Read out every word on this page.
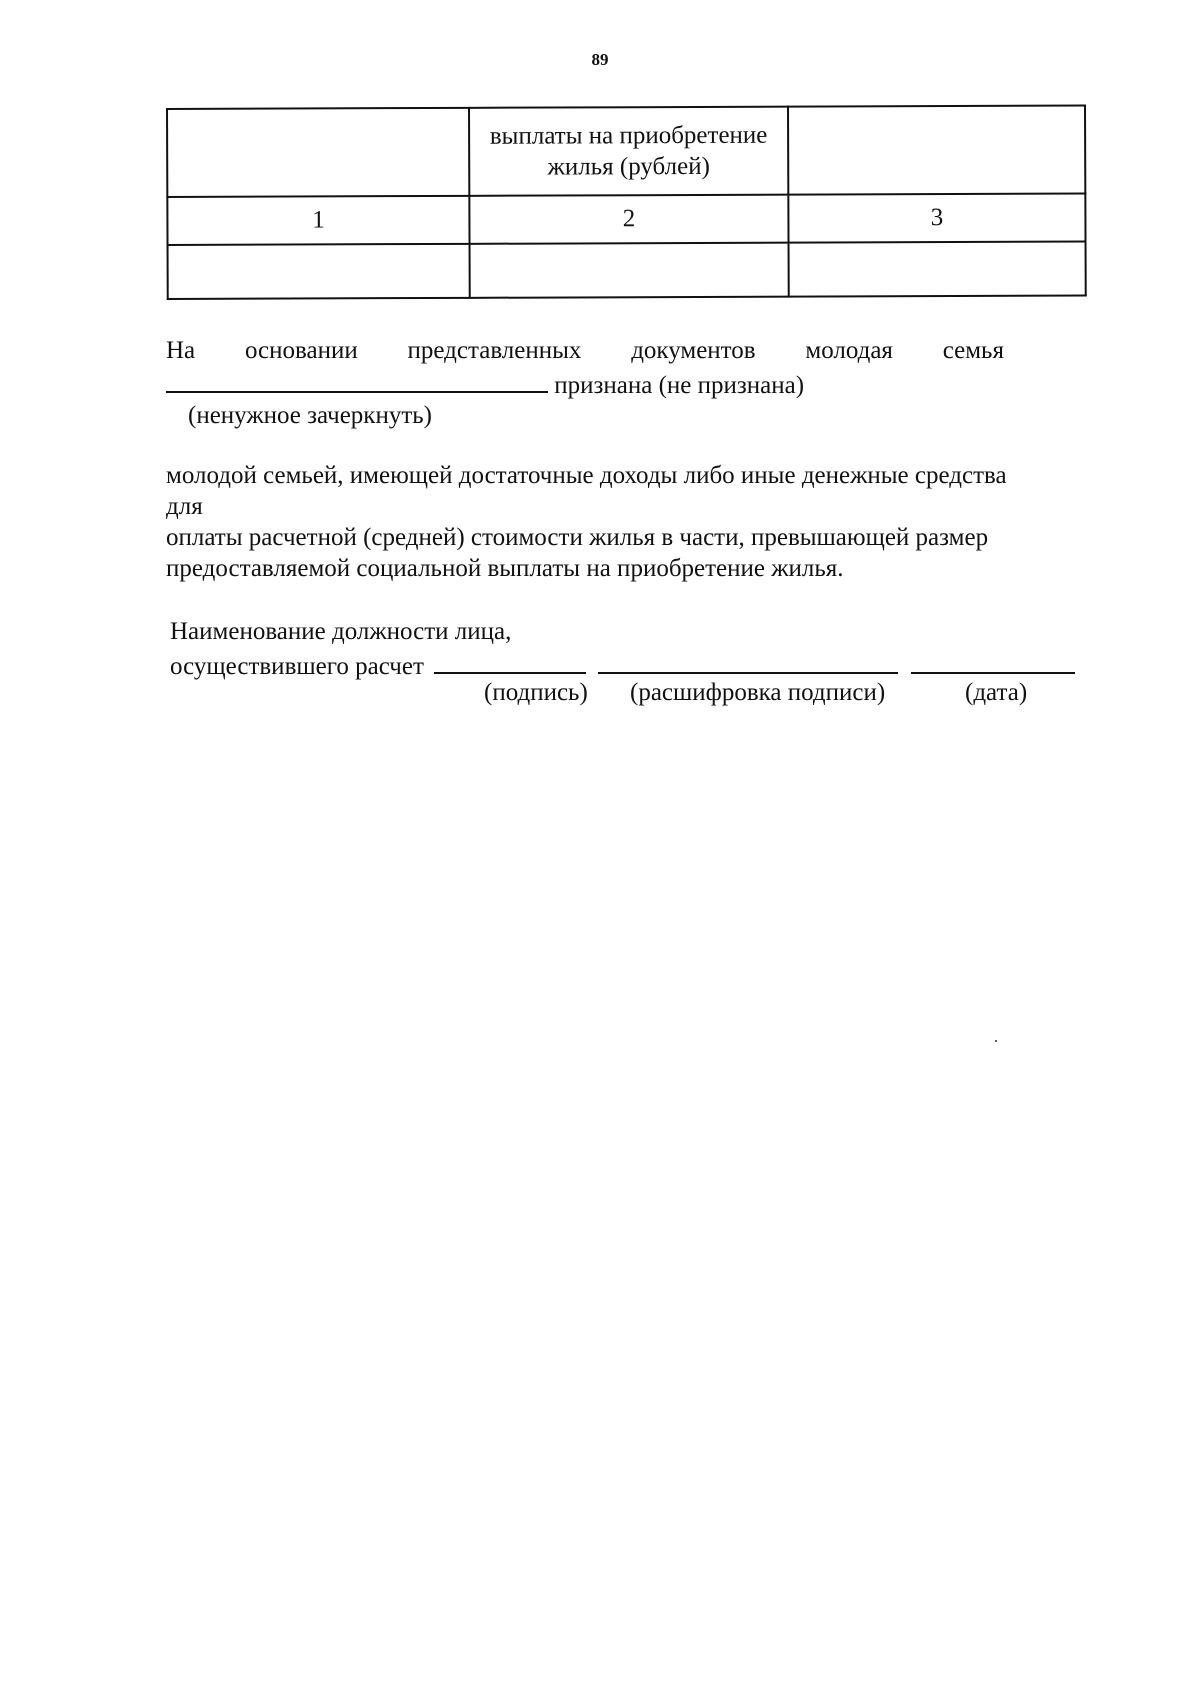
89
	выплаты на приобретение жилья (рублей)	
1	2	3

На основании представленных документов молодая семья
признана (не признана)
(ненужное зачеркнуть)

молодой семьей, имеющей достаточные доходы либо иные денежные средства

для

оплаты расчетной (средней) стоимости жилья в части, превышающей размер

предоставляемой социальной выплаты на приобретение жилья.

Наименование должности лица,
осуществившего расчет
(подпись) (расшифровка подписи)	(дата)
